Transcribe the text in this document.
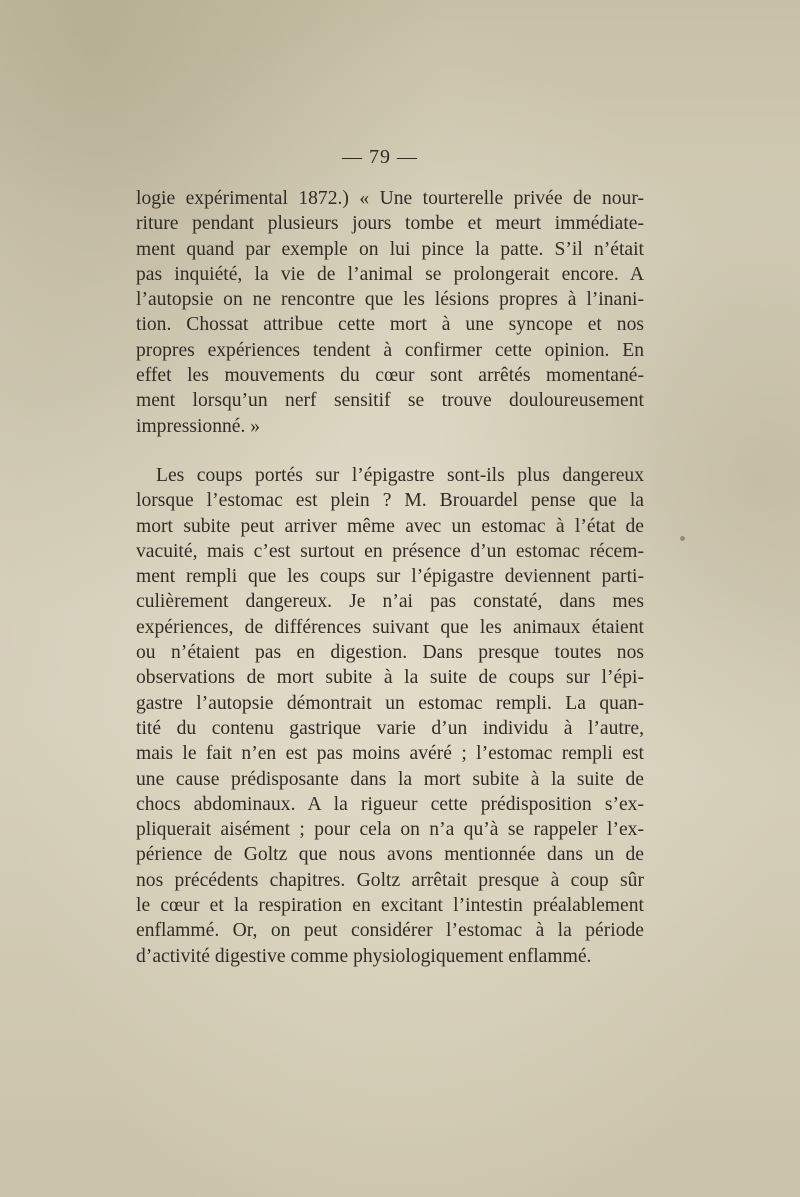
— 79 —
logie expérimental 1872.) « Une tourterelle privée de nour-
riture pendant plusieurs jours tombe et meurt immédiate-
ment quand par exemple on lui pince la patte. S’il n’était
pas inquiété, la vie de l’animal se prolongerait encore. A
l’autopsie on ne rencontre que les lésions propres à l’inani-
tion. Chossat attribue cette mort à une syncope et nos
propres expériences tendent à confirmer cette opinion. En
effet les mouvements du cœur sont arrêtés momentané-
ment lorsqu’un nerf sensitif se trouve douloureusement
impressionné. »
Les coups portés sur l’épigastre sont-ils plus dangereux
lorsque l’estomac est plein ? M. Brouardel pense que la
mort subite peut arriver même avec un estomac à l’état de
vacuité, mais c’est surtout en présence d’un estomac récem-
ment rempli que les coups sur l’épigastre deviennent parti-
culièrement dangereux. Je n’ai pas constaté, dans mes
expériences, de différences suivant que les animaux étaient
ou n’étaient pas en digestion. Dans presque toutes nos
observations de mort subite à la suite de coups sur l’épi-
gastre l’autopsie démontrait un estomac rempli. La quan-
tité du contenu gastrique varie d’un individu à l’autre,
mais le fait n’en est pas moins avéré ; l’estomac rempli est
une cause prédisposante dans la mort subite à la suite de
chocs abdominaux. A la rigueur cette prédisposition s’ex-
pliquerait aisément ; pour cela on n’a qu’à se rappeler l’ex-
périence de Goltz que nous avons mentionnée dans un de
nos précédents chapitres. Goltz arrêtait presque à coup sûr
le cœur et la respiration en excitant l’intestin préalablement
enflammé. Or, on peut considérer l’estomac à la période
d’activité digestive comme physiologiquement enflammé.
